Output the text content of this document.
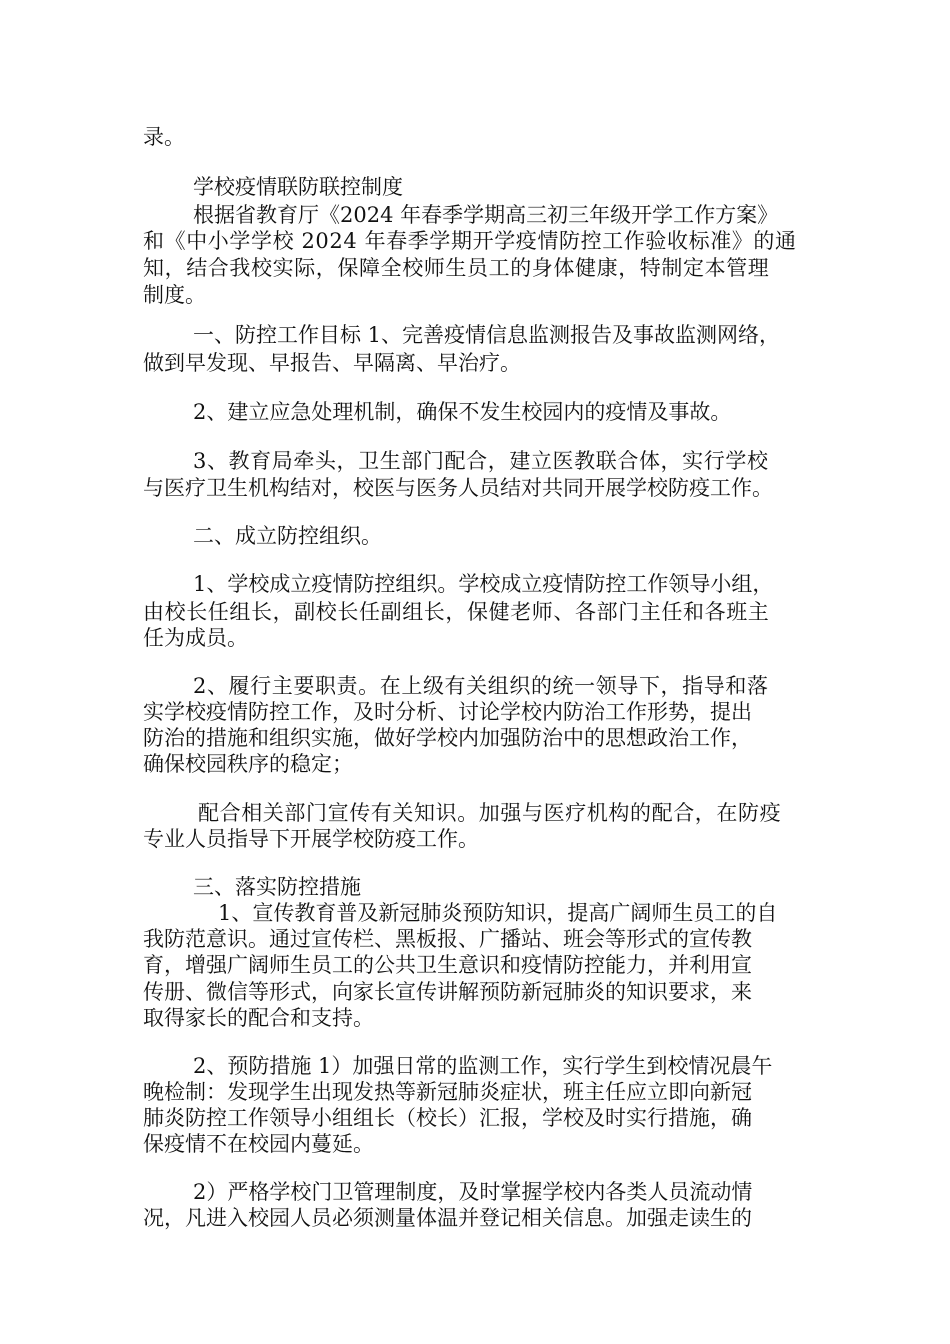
录。
学校疫情联防联控制度
根据省教育厅《2024 年春季学期高三初三年级开学工作方案》
和《中小学学校 2024 年春季学期开学疫情防控工作验收标准》的通
知，结合我校实际，保障全校师生员工的身体健康，特制定本管理
制度。
一、防控工作目标 1、完善疫情信息监测报告及事故监测网络，
做到早发现、早报告、早隔离、早治疗。
2、建立应急处理机制，确保不发生校园内的疫情及事故。
3、教育局牵头，卫生部门配合，建立医教联合体，实行学校
与医疗卫生机构结对，校医与医务人员结对共同开展学校防疫工作。
二、成立防控组织。
1、学校成立疫情防控组织。学校成立疫情防控工作领导小组，
由校长任组长，副校长任副组长，保健老师、各部门主任和各班主
任为成员。
2、履行主要职责。在上级有关组织的统一领导下，指导和落
实学校疫情防控工作，及时分析、讨论学校内防治工作形势，提出
防治的措施和组织实施，做好学校内加强防治中的思想政治工作，
确保校园秩序的稳定；
配合相关部门宣传有关知识。加强与医疗机构的配合，在防疫
专业人员指导下开展学校防疫工作。
三、落实防控措施
1、宣传教育普及新冠肺炎预防知识，提高广阔师生员工的自
我防范意识。通过宣传栏、黑板报、广播站、班会等形式的宣传教
育，增强广阔师生员工的公共卫生意识和疫情防控能力，并利用宣
传册、微信等形式，向家长宣传讲解预防新冠肺炎的知识要求，来
取得家长的配合和支持。
2、预防措施 1）加强日常的监测工作，实行学生到校情况晨午
晚检制：发现学生出现发热等新冠肺炎症状，班主任应立即向新冠
肺炎防控工作领导小组组长（校长）汇报，学校及时实行措施，确
保疫情不在校园内蔓延。
2）严格学校门卫管理制度，及时掌握学校内各类人员流动情
况，凡进入校园人员必须测量体温并登记相关信息。加强走读生的
